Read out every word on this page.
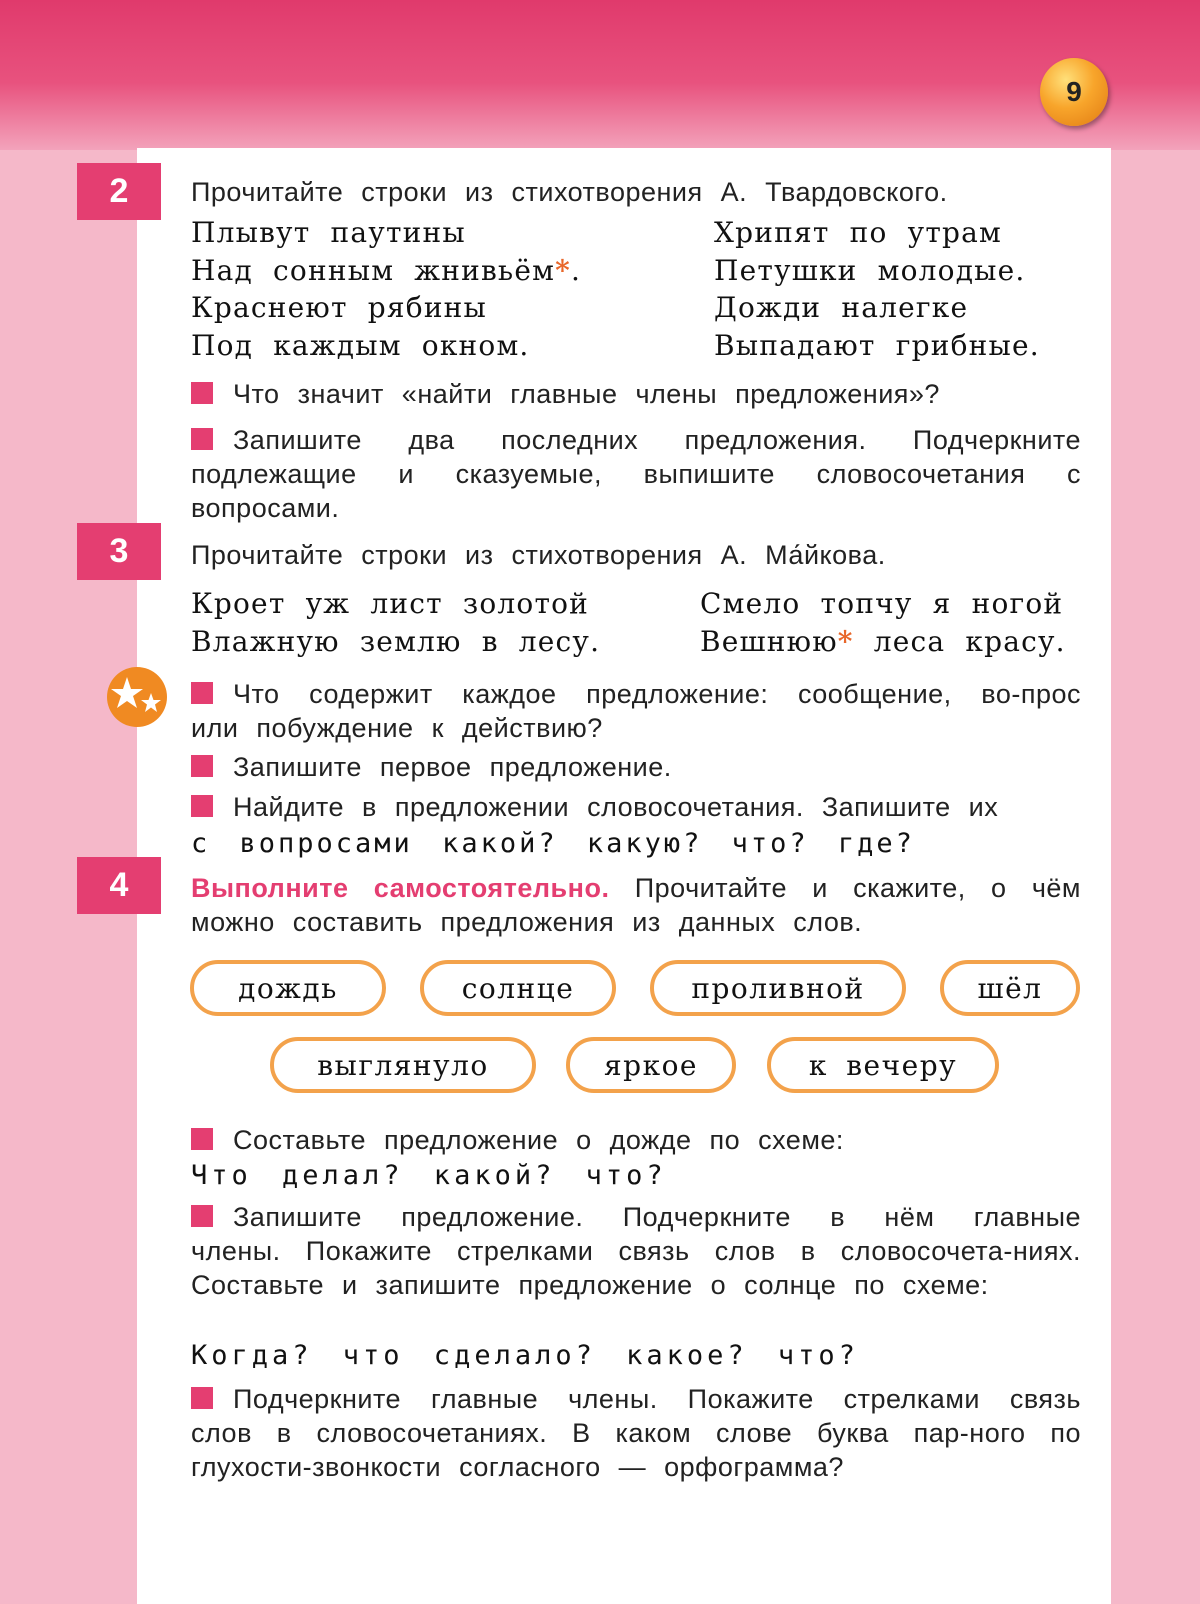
9
2	Прочитайте строки из стихотворения А. Твардовского.
Плывут паутины
Над сонным жнивьём*.
Краснеют рябины
Под каждым окном.
Хрипят по утрам
Петушки молодые.
Дожди налегке
Выпадают грибные.
Что значит «найти главные члены предложения»?
Запишите два последних предложения. Подчеркните подлежащие и сказуемые, выпишите словосочетания с вопросами.
3	Прочитайте строки из стихотворения А. Ма́йкова.
Кроет уж лист золотой
Влажную землю в лесу.
Смело топчу я ногой
Вешнюю* леса красу.
Что содержит каждое предложение: сообщение, во-прос или побуждение к действию?
Запишите первое предложение.
Найдите в предложении словосочетания. Запишите их
с вопросами какой? какую? что? где?
4	Выполните самостоятельно. Прочитайте и скажите, о чём можно составить предложения из данных слов.
дождь	солнце	проливной	шёл
выглянуло	яркое	к вечеру
Составьте предложение о дожде по схеме:
Что делал? какой? что?
Запишите предложение. Подчеркните в нём главные члены. Покажите стрелками связь слов в словосочета-ниях. Составьте и запишите предложение о солнце по схеме:
Когда? что сделало? какое? что?
Подчеркните главные члены. Покажите стрелками связь слов в словосочетаниях. В каком слове буква пар-ного по глухости-звонкости согласного — орфограмма?
